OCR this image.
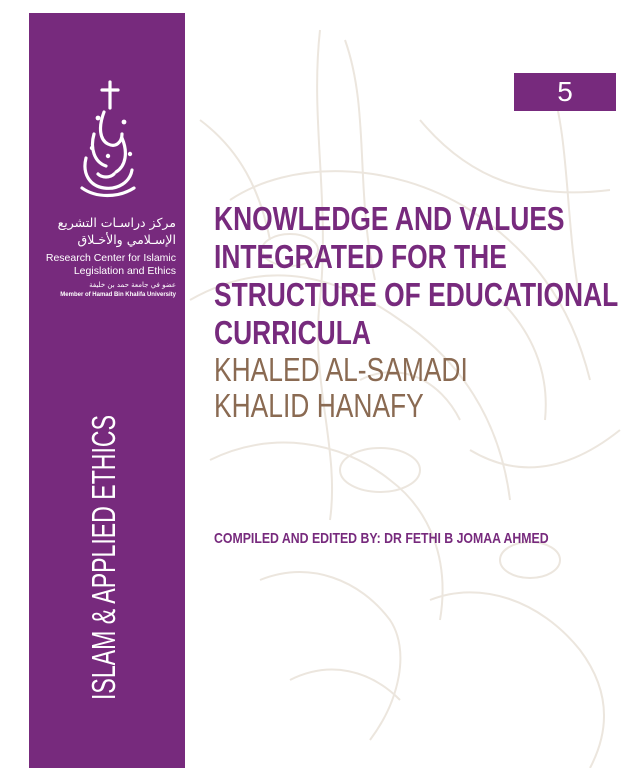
مركز دراسـات التشريع
الإسـلامي والأخـلاق
Research Center for Islamic
Legislation and Ethics
عضو في جامعة حمد بن خليفة
Member of Hamad Bin Khalifa University
ISLAM & APPLIED ETHICS
5
KNOWLEDGE AND VALUES
INTEGRATED FOR THE
STRUCTURE OF EDUCATIONAL
CURRICULA
KHALED AL-SAMADI
KHALID HANAFY
COMPILED AND EDITED BY: DR FETHI B JOMAA AHMED
